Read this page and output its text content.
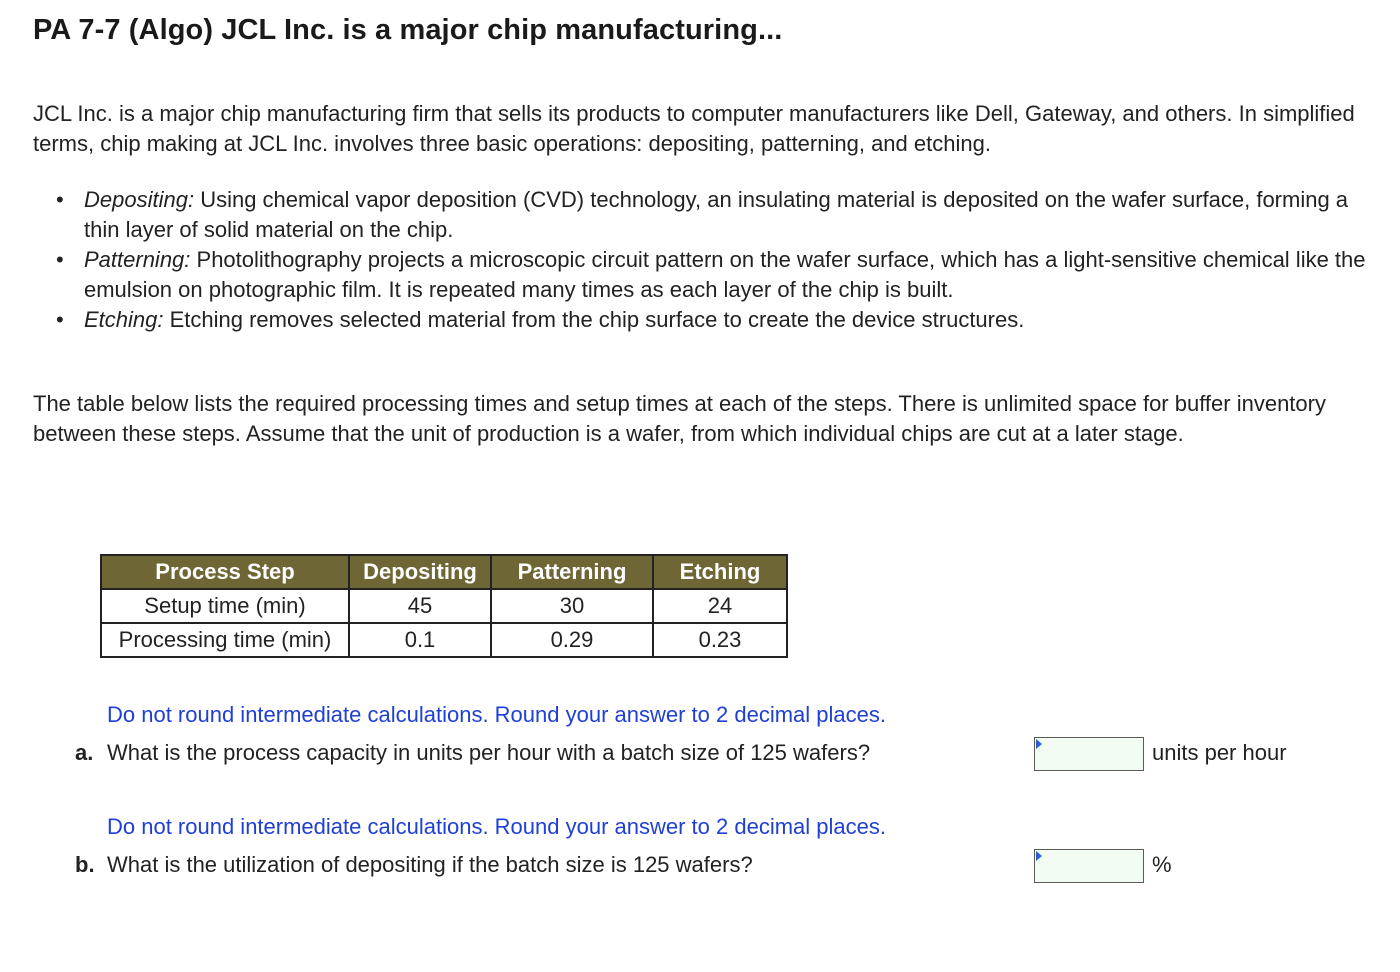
PA 7-7 (Algo) JCL Inc. is a major chip manufacturing...
JCL Inc. is a major chip manufacturing firm that sells its products to computer manufacturers like Dell, Gateway, and others. In simplified terms, chip making at JCL Inc. involves three basic operations: depositing, patterning, and etching.
• Depositing: Using chemical vapor deposition (CVD) technology, an insulating material is deposited on the wafer surface, forming a thin layer of solid material on the chip.
• Patterning: Photolithography projects a microscopic circuit pattern on the wafer surface, which has a light-sensitive chemical like the emulsion on photographic film. It is repeated many times as each layer of the chip is built.
• Etching: Etching removes selected material from the chip surface to create the device structures.
The table below lists the required processing times and setup times at each of the steps. There is unlimited space for buffer inventory between these steps. Assume that the unit of production is a wafer, from which individual chips are cut at a later stage.
Process Step	Depositing	Patterning	Etching
Setup time (min)	45	30	24
Processing time (min)	0.1	0.29	0.23
Do not round intermediate calculations. Round your answer to 2 decimal places.
a. What is the process capacity in units per hour with a batch size of 125 wafers?	units per hour
Do not round intermediate calculations. Round your answer to 2 decimal places.
b. What is the utilization of depositing if the batch size is 125 wafers?	%
